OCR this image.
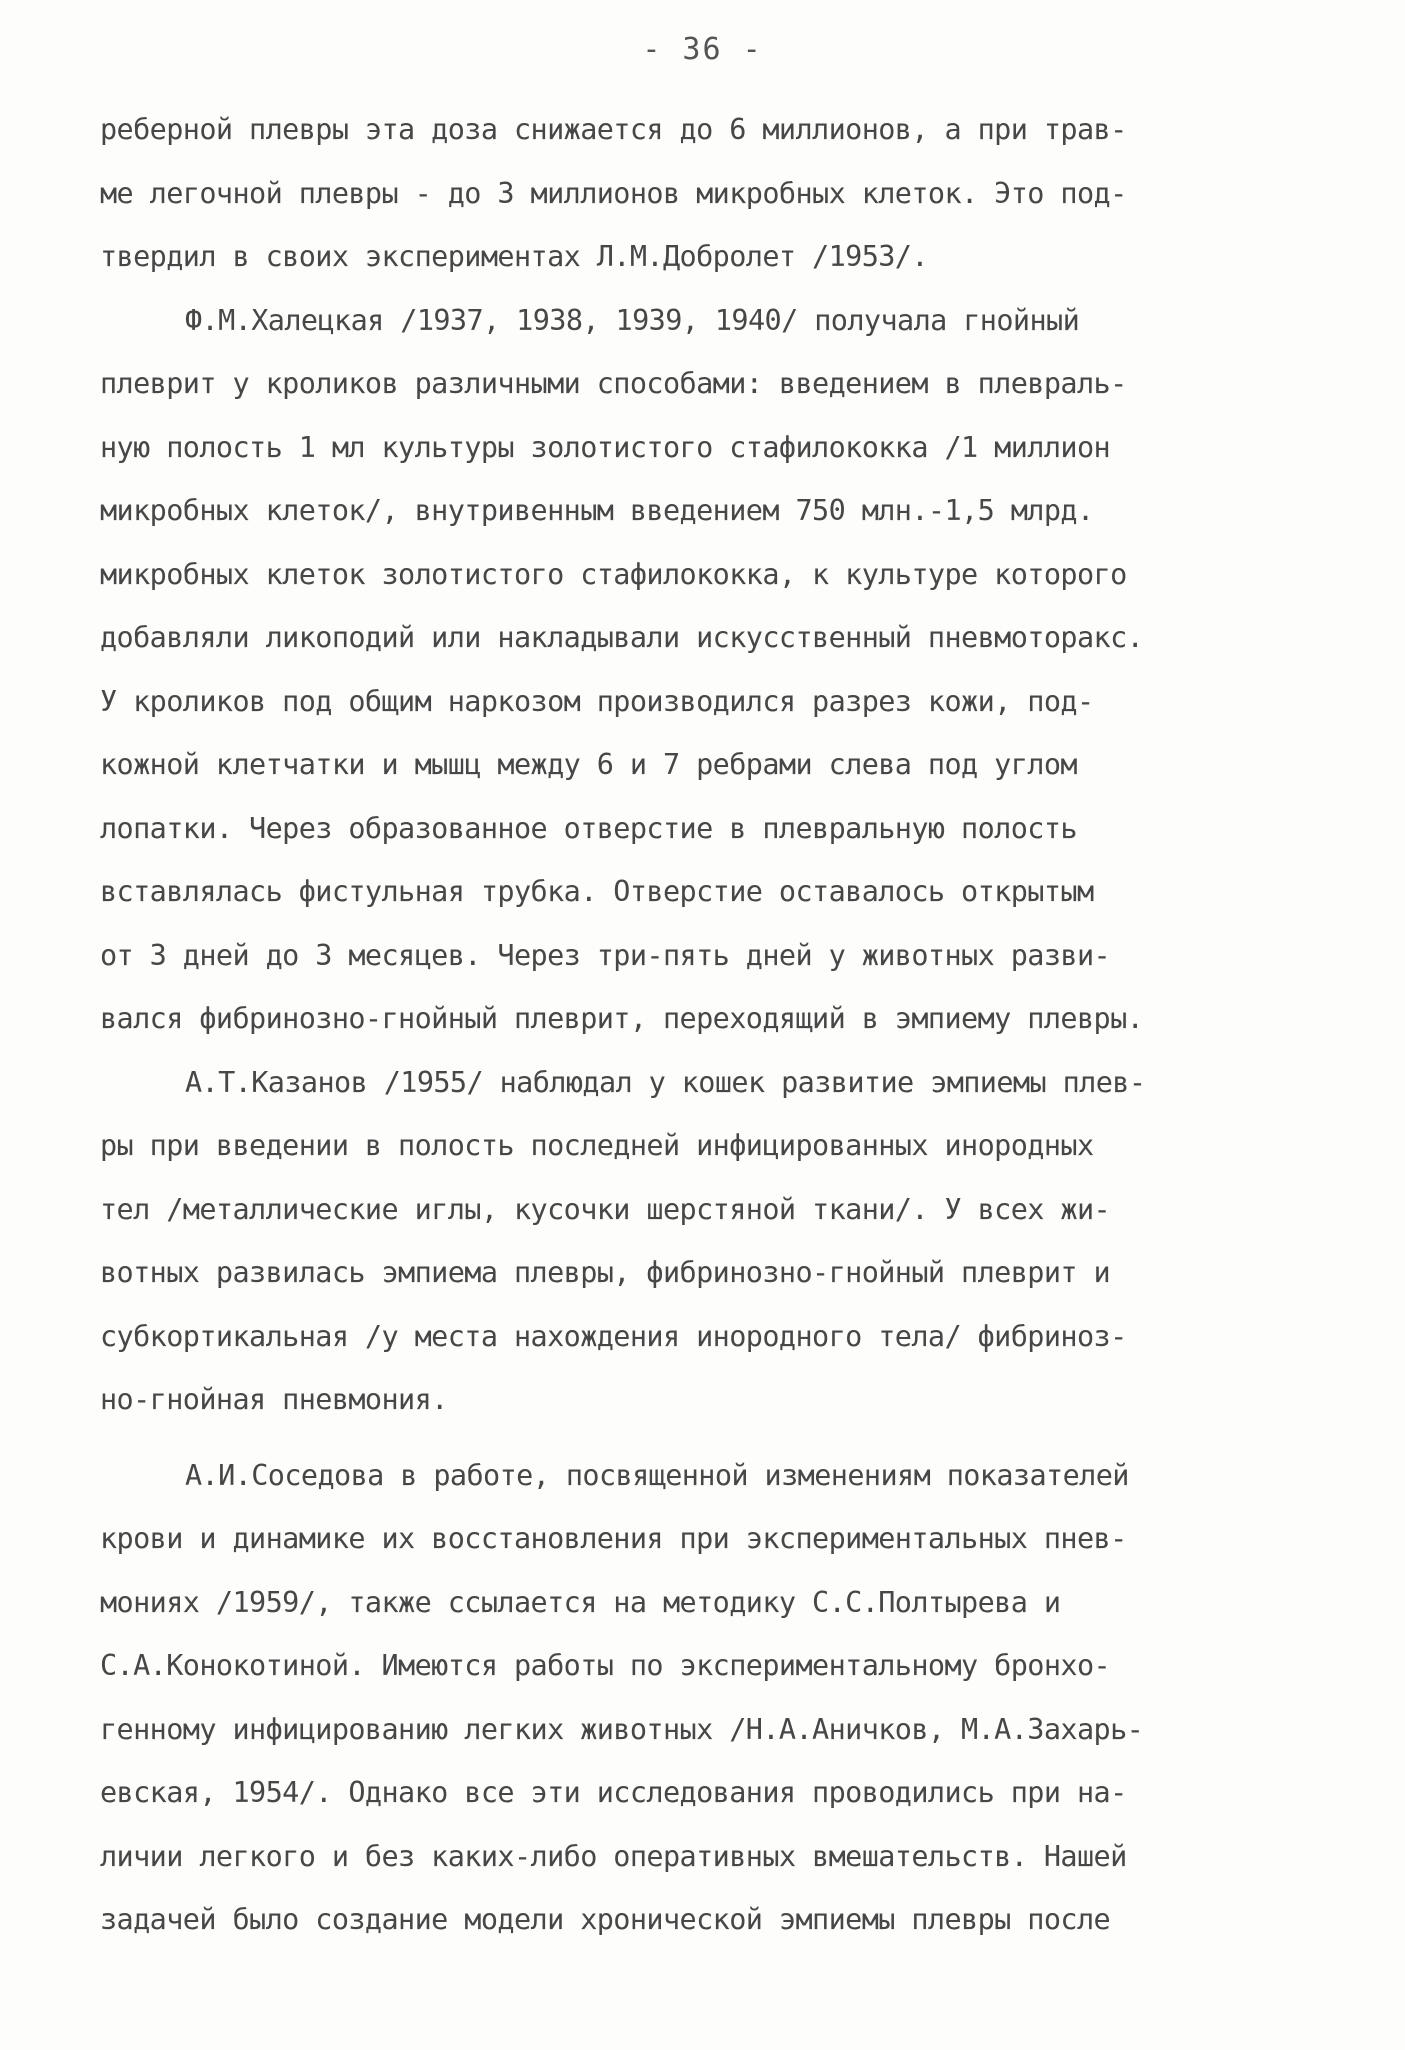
- 36 -
реберной плевры эта доза снижается до 6 миллионов, а при трав-
ме легочной плевры - до 3 миллионов микробных клеток. Это под-
твердил в своих экспериментах Л.М.Добролет /1953/.
Ф.М.Халецкая /1937, 1938, 1939, 1940/ получала гнойный
плеврит у кроликов различными способами: введением в плевраль-
ную полость 1 мл культуры золотистого стафилококка /1 миллион
микробных клеток/, внутривенным введением 750 млн.-1,5 млрд.
микробных клеток золотистого стафилококка, к культуре которого
добавляли ликоподий или накладывали искусственный пневмоторакс.
У кроликов под общим наркозом производился разрез кожи, под-
кожной клетчатки и мышц между 6 и 7 ребрами слева под углом
лопатки. Через образованное отверстие в плевральную полость
вставлялась фистульная трубка. Отверстие оставалось открытым
от 3 дней до 3 месяцев. Через три-пять дней у животных разви-
вался фибринозно-гнойный плеврит, переходящий в эмпиему плевры.
А.Т.Казанов /1955/ наблюдал у кошек развитие эмпиемы плев-
ры при введении в полость последней инфицированных инородных
тел /металлические иглы, кусочки шерстяной ткани/. У всех жи-
вотных развилась эмпиема плевры, фибринозно-гнойный плеврит и
субкортикальная /у места нахождения инородного тела/ фибриноз-
но-гнойная пневмония.
А.И.Соседова в работе, посвященной изменениям показателей
крови и динамике их восстановления при экспериментальных пнев-
мониях /1959/, также ссылается на методику С.С.Полтырева и
С.А.Конокотиной. Имеются работы по экспериментальному бронхо-
генному инфицированию легких животных /Н.А.Аничков, М.А.Захарь-
евская, 1954/. Однако все эти исследования проводились при на-
личии легкого и без каких-либо оперативных вмешательств. Нашей
задачей было создание модели хронической эмпиемы плевры после
